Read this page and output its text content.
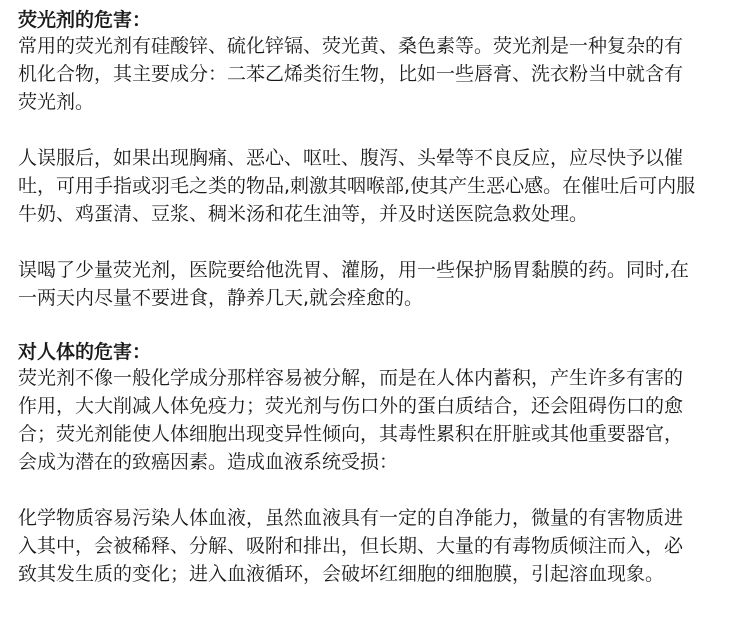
荧光剂的危害：
常用的荧光剂有硅酸锌、硫化锌镉、荧光黄、桑色素等。荧光剂是一种复杂的有
机化合物，其主要成分：二苯乙烯类衍生物，比如一些唇膏、洗衣粉当中就含有
荧光剂。
人误服后，如果出现胸痛、恶心、呕吐、腹泻、头晕等不良反应，应尽快予以催
吐，可用手指或羽毛之类的物品,刺激其咽喉部,使其产生恶心感。在催吐后可内服
牛奶、鸡蛋清、豆浆、稠米汤和花生油等，并及时送医院急救处理。
误喝了少量荧光剂，医院要给他洗胃、灌肠，用一些保护肠胃黏膜的药。同时,在
一两天内尽量不要进食，静养几天,就会痊愈的。
对人体的危害：
荧光剂不像一般化学成分那样容易被分解，而是在人体内蓄积，产生许多有害的
作用，大大削减人体免疫力；荧光剂与伤口外的蛋白质结合，还会阻碍伤口的愈
合；荧光剂能使人体细胞出现变异性倾向，其毒性累积在肝脏或其他重要器官，
会成为潜在的致癌因素。造成血液系统受损：
化学物质容易污染人体血液，虽然血液具有一定的自净能力，微量的有害物质进
入其中，会被稀释、分解、吸附和排出，但长期、大量的有毒物质倾注而入，必
致其发生质的变化；进入血液循环，会破坏红细胞的细胞膜，引起溶血现象。
